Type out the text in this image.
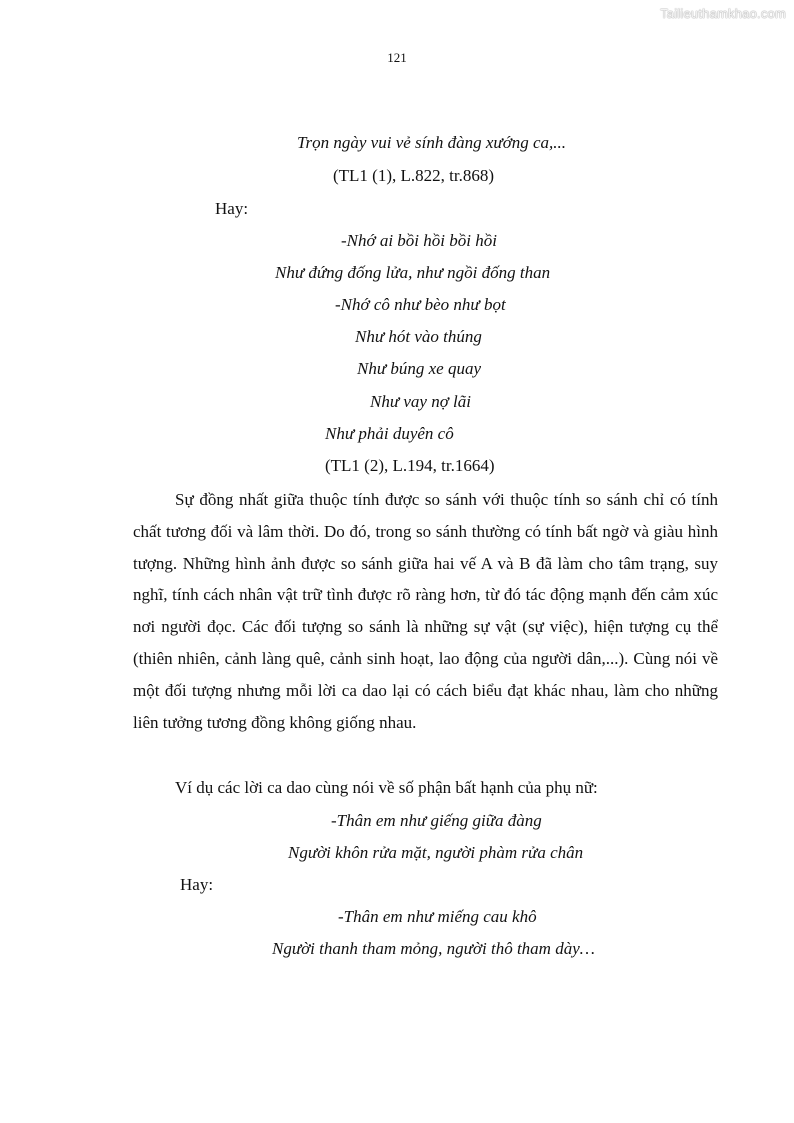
Tailieuthamkhao.com
121
Trọn ngày vui vẻ sính đàng xướng ca,...
(TL1 (1), L.822, tr.868)
Hay:
-Nhớ ai bồi hồi bồi hồi
Như đứng đống lửa, như ngồi đống than
-Nhớ cô như bèo như bọt
Như hót vào thúng
Như búng xe quay
Như vay nợ lãi
Như phải duyên cô
(TL1 (2), L.194, tr.1664)

Sự đồng nhất giữa thuộc tính được so sánh với thuộc tính so sánh chỉ có tính chất tương đối và lâm thời. Do đó, trong so sánh thường có tính bất ngờ và giàu hình tượng. Những hình ảnh được so sánh giữa hai vế A và B đã làm cho tâm trạng, suy nghĩ, tính cách nhân vật trữ tình được rõ ràng hơn, từ đó tác động mạnh đến cảm xúc nơi người đọc. Các đối tượng so sánh là những sự vật (sự việc), hiện tượng cụ thể (thiên nhiên, cảnh làng quê, cảnh sinh hoạt, lao động của người dân,...). Cùng nói về một đối tượng nhưng mỗi lời ca dao lại có cách biểu đạt khác nhau, làm cho những liên tưởng tương đồng không giống nhau.

Ví dụ các lời ca dao cùng nói về số phận bất hạnh của phụ nữ:
-Thân em như giếng giữa đàng
Người khôn rửa mặt, người phàm rửa chân
Hay:
-Thân em như miếng cau khô
Người thanh tham mỏng, người thô tham dày…
